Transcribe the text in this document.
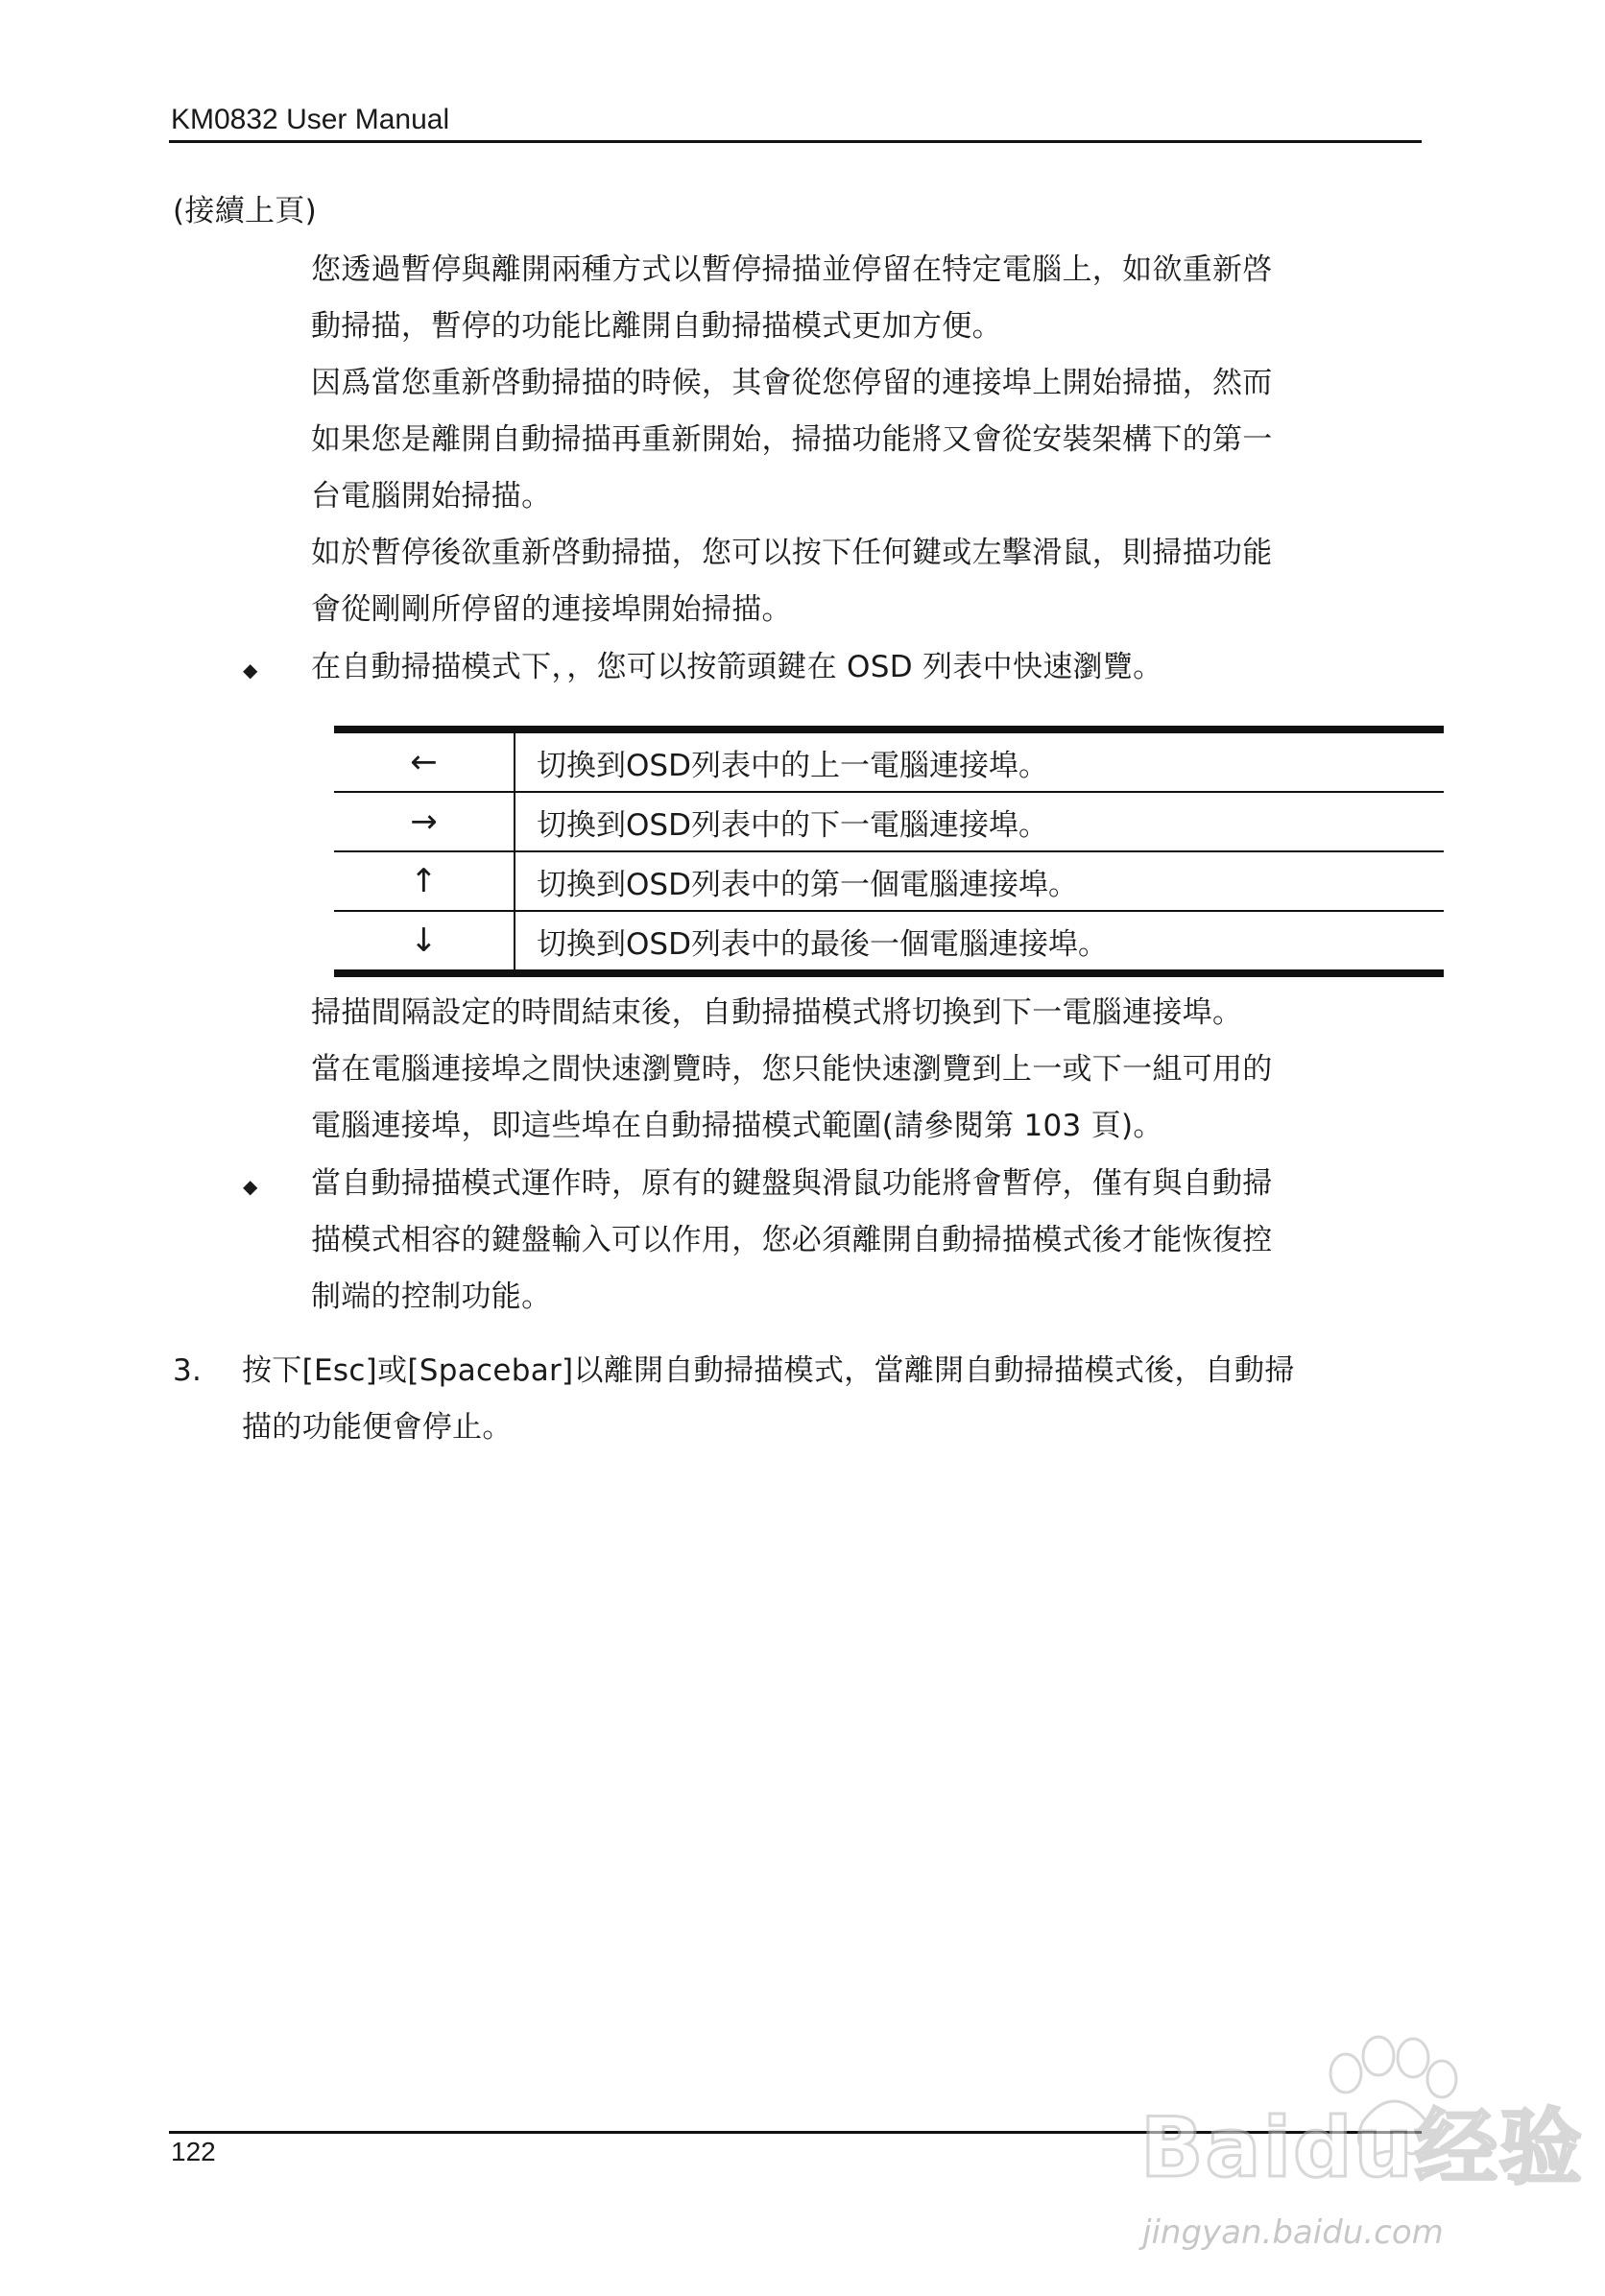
KM0832 User Manual
(接續上頁)
您透過暫停與離開兩種方式以暫停掃描並停留在特定電腦上，如欲重新啓
動掃描，暫停的功能比離開自動掃描模式更加方便。
因爲當您重新啓動掃描的時候，其會從您停留的連接埠上開始掃描，然而
如果您是離開自動掃描再重新開始，掃描功能將又會從安裝架構下的第一
台電腦開始掃描。
如於暫停後欲重新啓動掃描，您可以按下任何鍵或左擊滑鼠，則掃描功能
會從剛剛所停留的連接埠開始掃描。
◆ 在自動掃描模式下，，您可以按箭頭鍵在 OSD 列表中快速瀏覽。
←	切換到OSD列表中的上一電腦連接埠。
→	切換到OSD列表中的下一電腦連接埠。
↑	切換到OSD列表中的第一個電腦連接埠。
↓	切換到OSD列表中的最後一個電腦連接埠。
掃描間隔設定的時間結束後，自動掃描模式將切換到下一電腦連接埠。
當在電腦連接埠之間快速瀏覽時，您只能快速瀏覽到上一或下一組可用的
電腦連接埠，即這些埠在自動掃描模式範圍(請參閱第 103 頁)。
◆ 當自動掃描模式運作時，原有的鍵盤與滑鼠功能將會暫停，僅有與自動掃
描模式相容的鍵盤輸入可以作用，您必須離開自動掃描模式後才能恢復控
制端的控制功能。
3. 按下[Esc]或[Spacebar]以離開自動掃描模式，當離開自動掃描模式後，自動掃
描的功能便會停止。
122	Baidu经验
jingyan.baidu.com
